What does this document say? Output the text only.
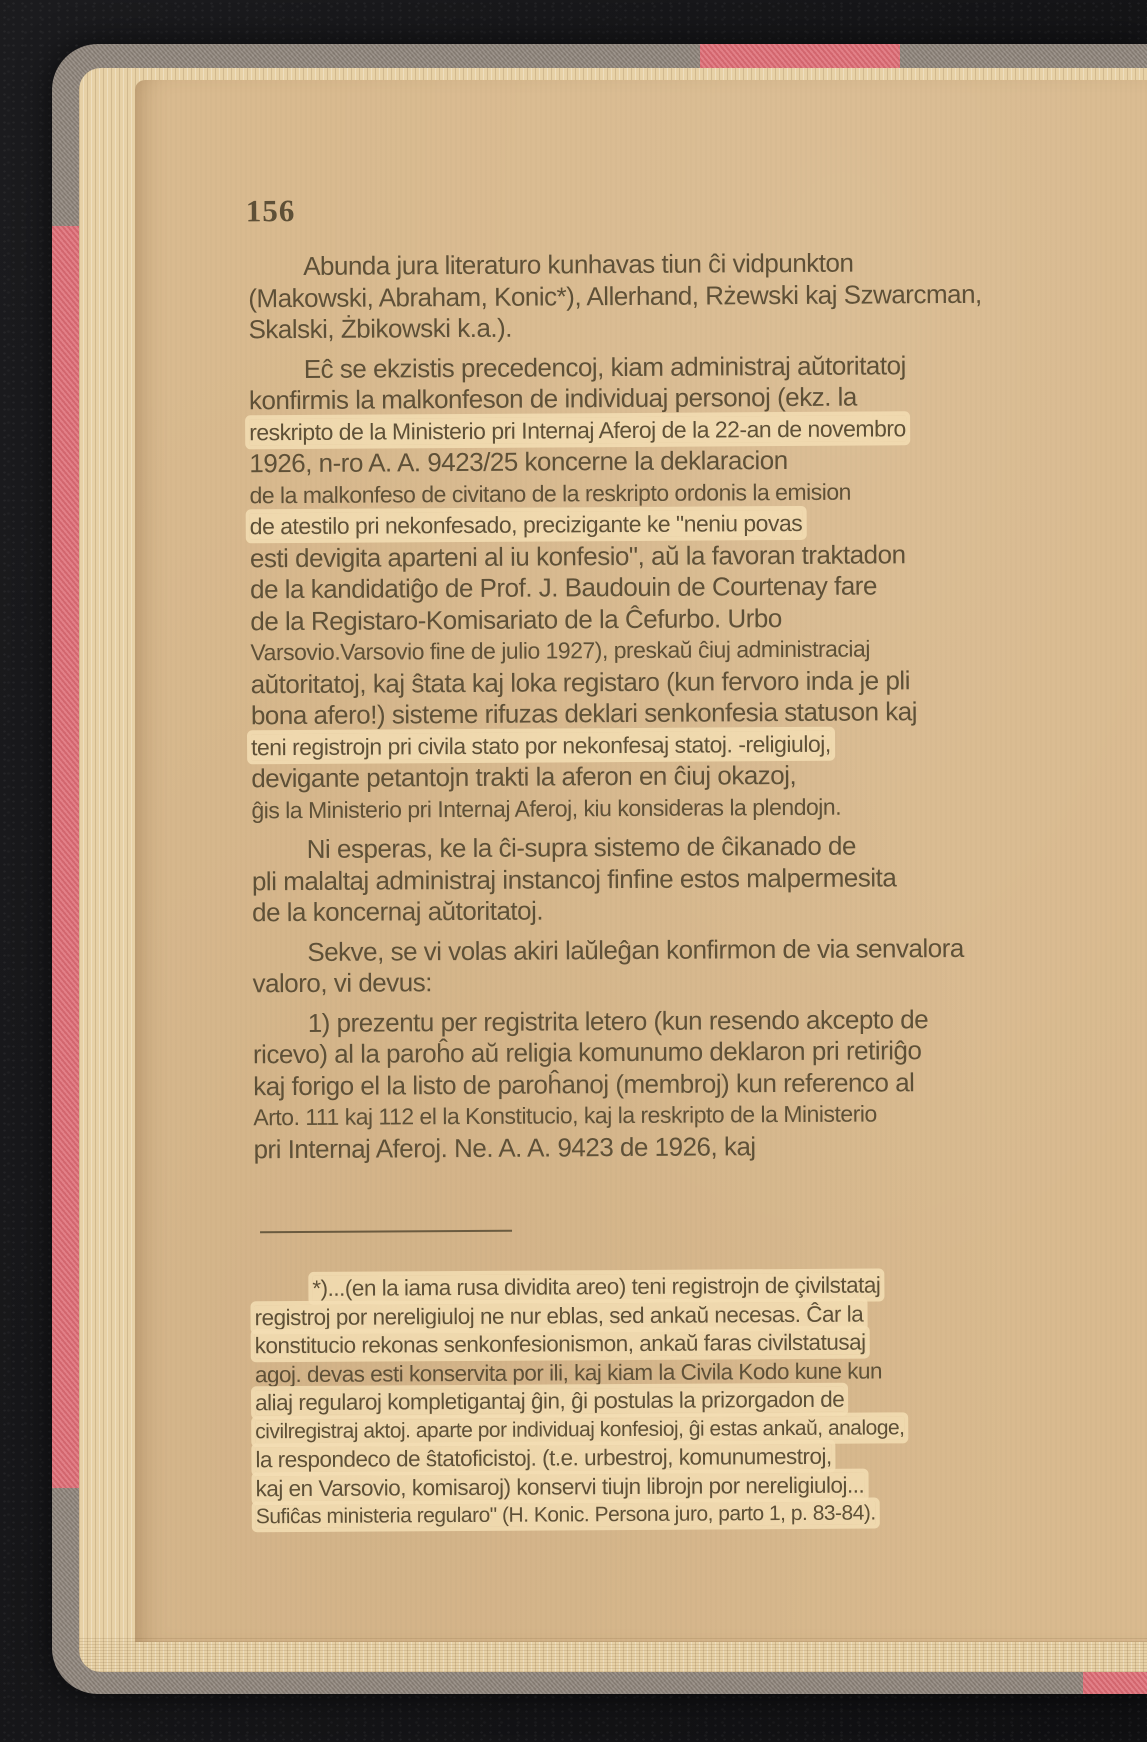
156
Abunda jura literaturo kunhavas tiun ĉi vidpunkton
(Makowski, Abraham, Konic*), Allerhand, Rżewski kaj Szwarcman,
Skalski, Żbikowski k.a.).
Eĉ se ekzistis precedencoj, kiam administraj aŭtoritatoj
konfirmis la malkonfeson de individuaj personoj (ekz. la
reskripto de la Ministerio pri Internaj Aferoj de la 22-an de novembro
1926, n-ro A. A. 9423/25 koncerne la deklaracion
de la malkonfeso de civitano de la reskripto ordonis la emision
de atestilo pri nekonfesado, precizigante ke "neniu povas
esti devigita aparteni al iu konfesio", aŭ la favoran traktadon
de la kandidatiĝo de Prof. J. Baudouin de Courtenay fare
de la Registaro-Komisariato de la Ĉefurbo. Urbo
Varsovio.Varsovio fine de julio 1927), preskaŭ ĉiuj administraciaj
aŭtoritatoj, kaj ŝtata kaj loka registaro (kun fervoro inda je pli
bona afero!) sisteme rifuzas deklari senkonfesia statuson kaj
teni registrojn pri civila stato por nekonfesaj statoj. -religiuloj,
devigante petantojn trakti la aferon en ĉiuj okazoj,
ĝis la Ministerio pri Internaj Aferoj, kiu konsideras la plendojn.
Ni esperas, ke la ĉi-supra sistemo de ĉikanado de
pli malaltaj administraj instancoj finfine estos malpermesita
de la koncernaj aŭtoritatoj.
Sekve, se vi volas akiri laŭleĝan konfirmon de via senvalora
valoro, vi devus:
1) prezentu per registrita letero (kun resendo akcepto de
ricevo) al la paroĥo aŭ religia komunumo deklaron pri retiriĝo
kaj forigo el la listo de paroĥanoj (membroj) kun referenco al
Arto. 111 kaj 112 el la Konstitucio, kaj la reskripto de la Ministerio
pri Internaj Aferoj. Ne. A. A. 9423 de 1926, kaj
*)...(en la iama rusa dividita areo) teni registrojn de çivilstataj
registroj por nereligiuloj ne nur eblas, sed ankaŭ necesas. Ĉar la
konstitucio rekonas senkonfesionismon, ankaŭ faras civilstatusaj
agoj. devas esti konservita por ili, kaj kiam la Civila Kodo kune kun
aliaj regularoj kompletigantaj ĝin, ĝi postulas la prizorgadon de
civilregistraj aktoj. aparte por individuaj konfesioj, ĝi estas ankaŭ, analoge,
la respondeco de ŝtatoficistoj. (t.e. urbestroj, komunumestroj,
kaj en Varsovio, komisaroj) konservi tiujn librojn por nereligiuloj...
Sufiĉas ministeria regularo" (H. Konic. Persona juro, parto 1, p. 83-84).
